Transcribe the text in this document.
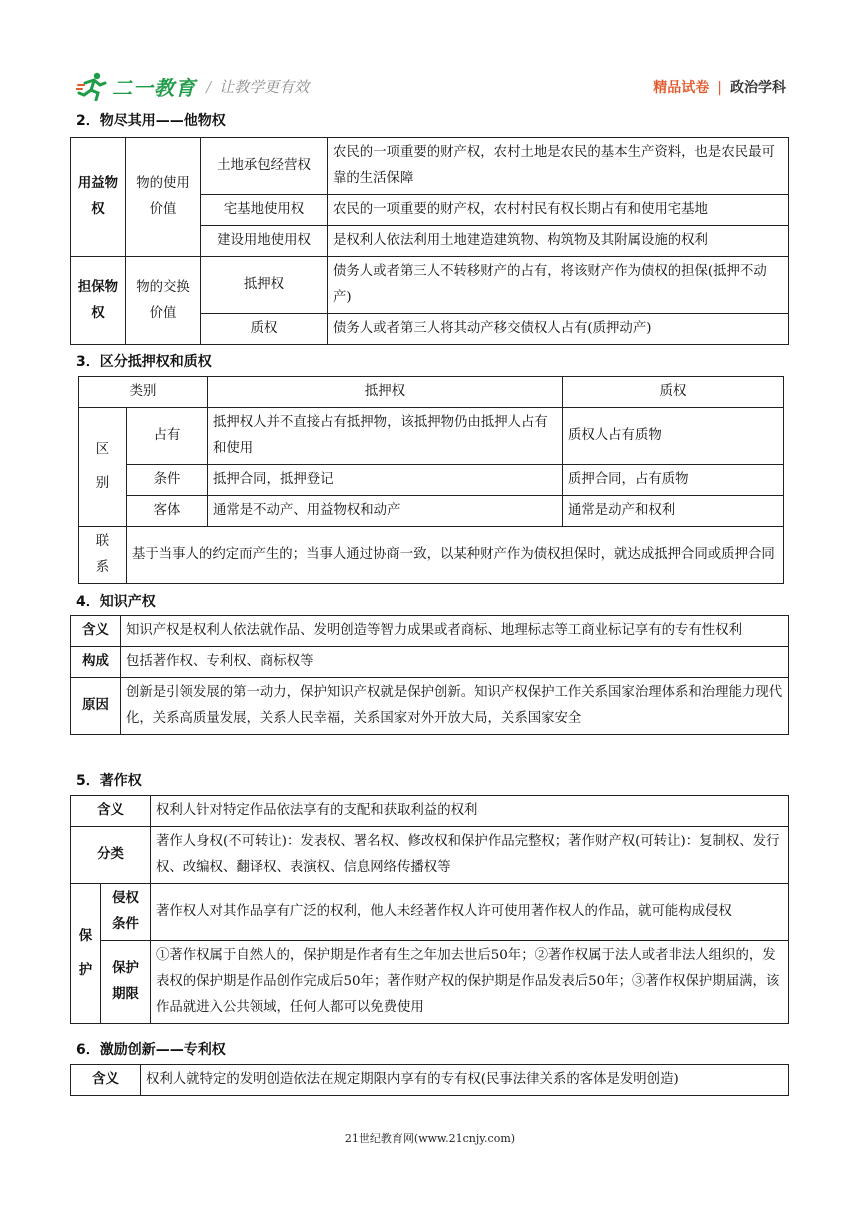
二一教育 / 让教学更有效	精品试卷 | 政治学科
2．物尽其用——他物权
用益物权	物的使用价值	土地承包经营权	农民的一项重要的财产权，农村土地是农民的基本生产资料，也是农民最可靠的生活保障
		宅基地使用权	农民的一项重要的财产权，农村村民有权长期占有和使用宅基地
		建设用地使用权	是权利人依法利用土地建造建筑物、构筑物及其附属设施的权利
担保物权	物的交换价值	抵押权	债务人或者第三人不转移财产的占有，将该财产作为债权的担保(抵押不动产)
		质权	债务人或者第三人将其动产移交债权人占有(质押动产)
3．区分抵押权和质权
类别		抵押权	质权

区
别	占有	抵押权人并不直接占有抵押物，该抵押物仍由抵押人占有和使用	质权人占有质物
	条件	抵押合同，抵押登记	质押合同，占有质物
	客体	通常是不动产、用益物权和动产	通常是动产和权利

联
系	基于当事人的约定而产生的；当事人通过协商一致，以某种财产作为债权担保时，就达成抵押合同或质押合同		
4．知识产权
含义	知识产权是权利人依法就作品、发明创造等智力成果或者商标、地理标志等工商业标记享有的专有性权利
构成	包括著作权、专利权、商标权等
原因	创新是引领发展的第一动力，保护知识产权就是保护创新。知识产权保护工作关系国家治理体系和治理能力现代化，关系高质量发展，关系人民幸福，关系国家对外开放大局，关系国家安全
5．著作权
含义		权利人针对特定作品依法享有的支配和获取利益的权利
分类		著作人身权(不可转让)：发表权、署名权、修改权和保护作品完整权；著作财产权(可转让)：复制权、发行权、改编权、翻译权、表演权、信息网络传播权等

保
护	侵权条件	著作权人对其作品享有广泛的权利，他人未经著作权人许可使用著作权人的作品，就可能构成侵权
	保护期限	①著作权属于自然人的，保护期是作者有生之年加去世后50年；②著作权属于法人或者非法人组织的，发表权的保护期是作品创作完成后50年；著作财产权的保护期是作品发表后50年；③著作权保护期届满，该作品就进入公共领域，任何人都可以免费使用
6．激励创新——专利权
含义	权利人就特定的发明创造依法在规定期限内享有的专有权(民事法律关系的客体是发明创造)
21世纪教育网(www.21cnjy.com)
